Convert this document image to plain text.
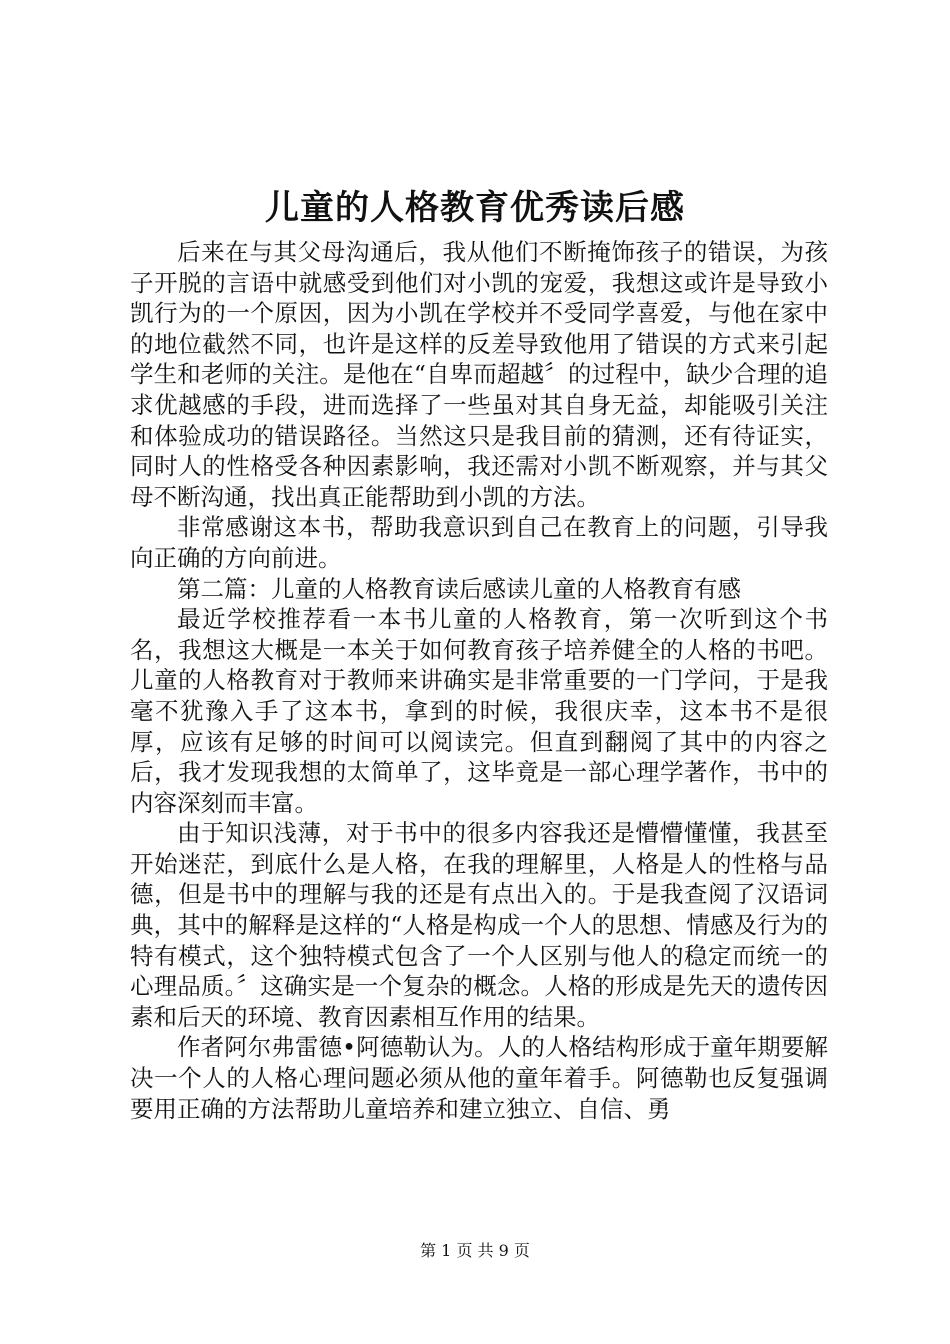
儿童的人格教育优秀读后感

后来在与其父母沟通后，我从他们不断掩饰孩子的错误，为孩子开脱的言语中就感受到他们对小凯的宠爱，我想这或许是导致小凯行为的一个原因，因为小凯在学校并不受同学喜爱，与他在家中的地位截然不同，也许是这样的反差导致他用了错误的方式来引起学生和老师的关注。是他在“自卑而超越〞的过程中，缺少合理的追求优越感的手段，进而选择了一些虽对其自身无益，却能吸引关注和体验成功的错误路径。当然这只是我目前的猜测，还有待证实，同时人的性格受各种因素影响，我还需对小凯不断观察，并与其父母不断沟通，找出真正能帮助到小凯的方法。

非常感谢这本书，帮助我意识到自己在教育上的问题，引导我向正确的方向前进。

第二篇：儿童的人格教育读后感读儿童的人格教育有感

最近学校推荐看一本书儿童的人格教育，第一次听到这个书名，我想这大概是一本关于如何教育孩子培养健全的人格的书吧。儿童的人格教育对于教师来讲确实是非常重要的一门学问，于是我毫不犹豫入手了这本书，拿到的时候，我很庆幸，这本书不是很厚，应该有足够的时间可以阅读完。但直到翻阅了其中的内容之后，我才发现我想的太简单了，这毕竟是一部心理学著作，书中的内容深刻而丰富。

由于知识浅薄，对于书中的很多内容我还是懵懵懂懂，我甚至开始迷茫，到底什么是人格，在我的理解里，人格是人的性格与品德，但是书中的理解与我的还是有点出入的。于是我查阅了汉语词典，其中的解释是这样的“人格是构成一个人的思想、情感及行为的特有模式，这个独特模式包含了一个人区别与他人的稳定而统一的心理品质。〞这确实是一个复杂的概念。人格的形成是先天的遗传因素和后天的环境、教育因素相互作用的结果。

作者阿尔弗雷德•阿德勒认为。人的人格结构形成于童年期要解决一个人的人格心理问题必须从他的童年着手。阿德勒也反复强调要用正确的方法帮助儿童培养和建立独立、自信、勇

第 1 页 共 9 页
